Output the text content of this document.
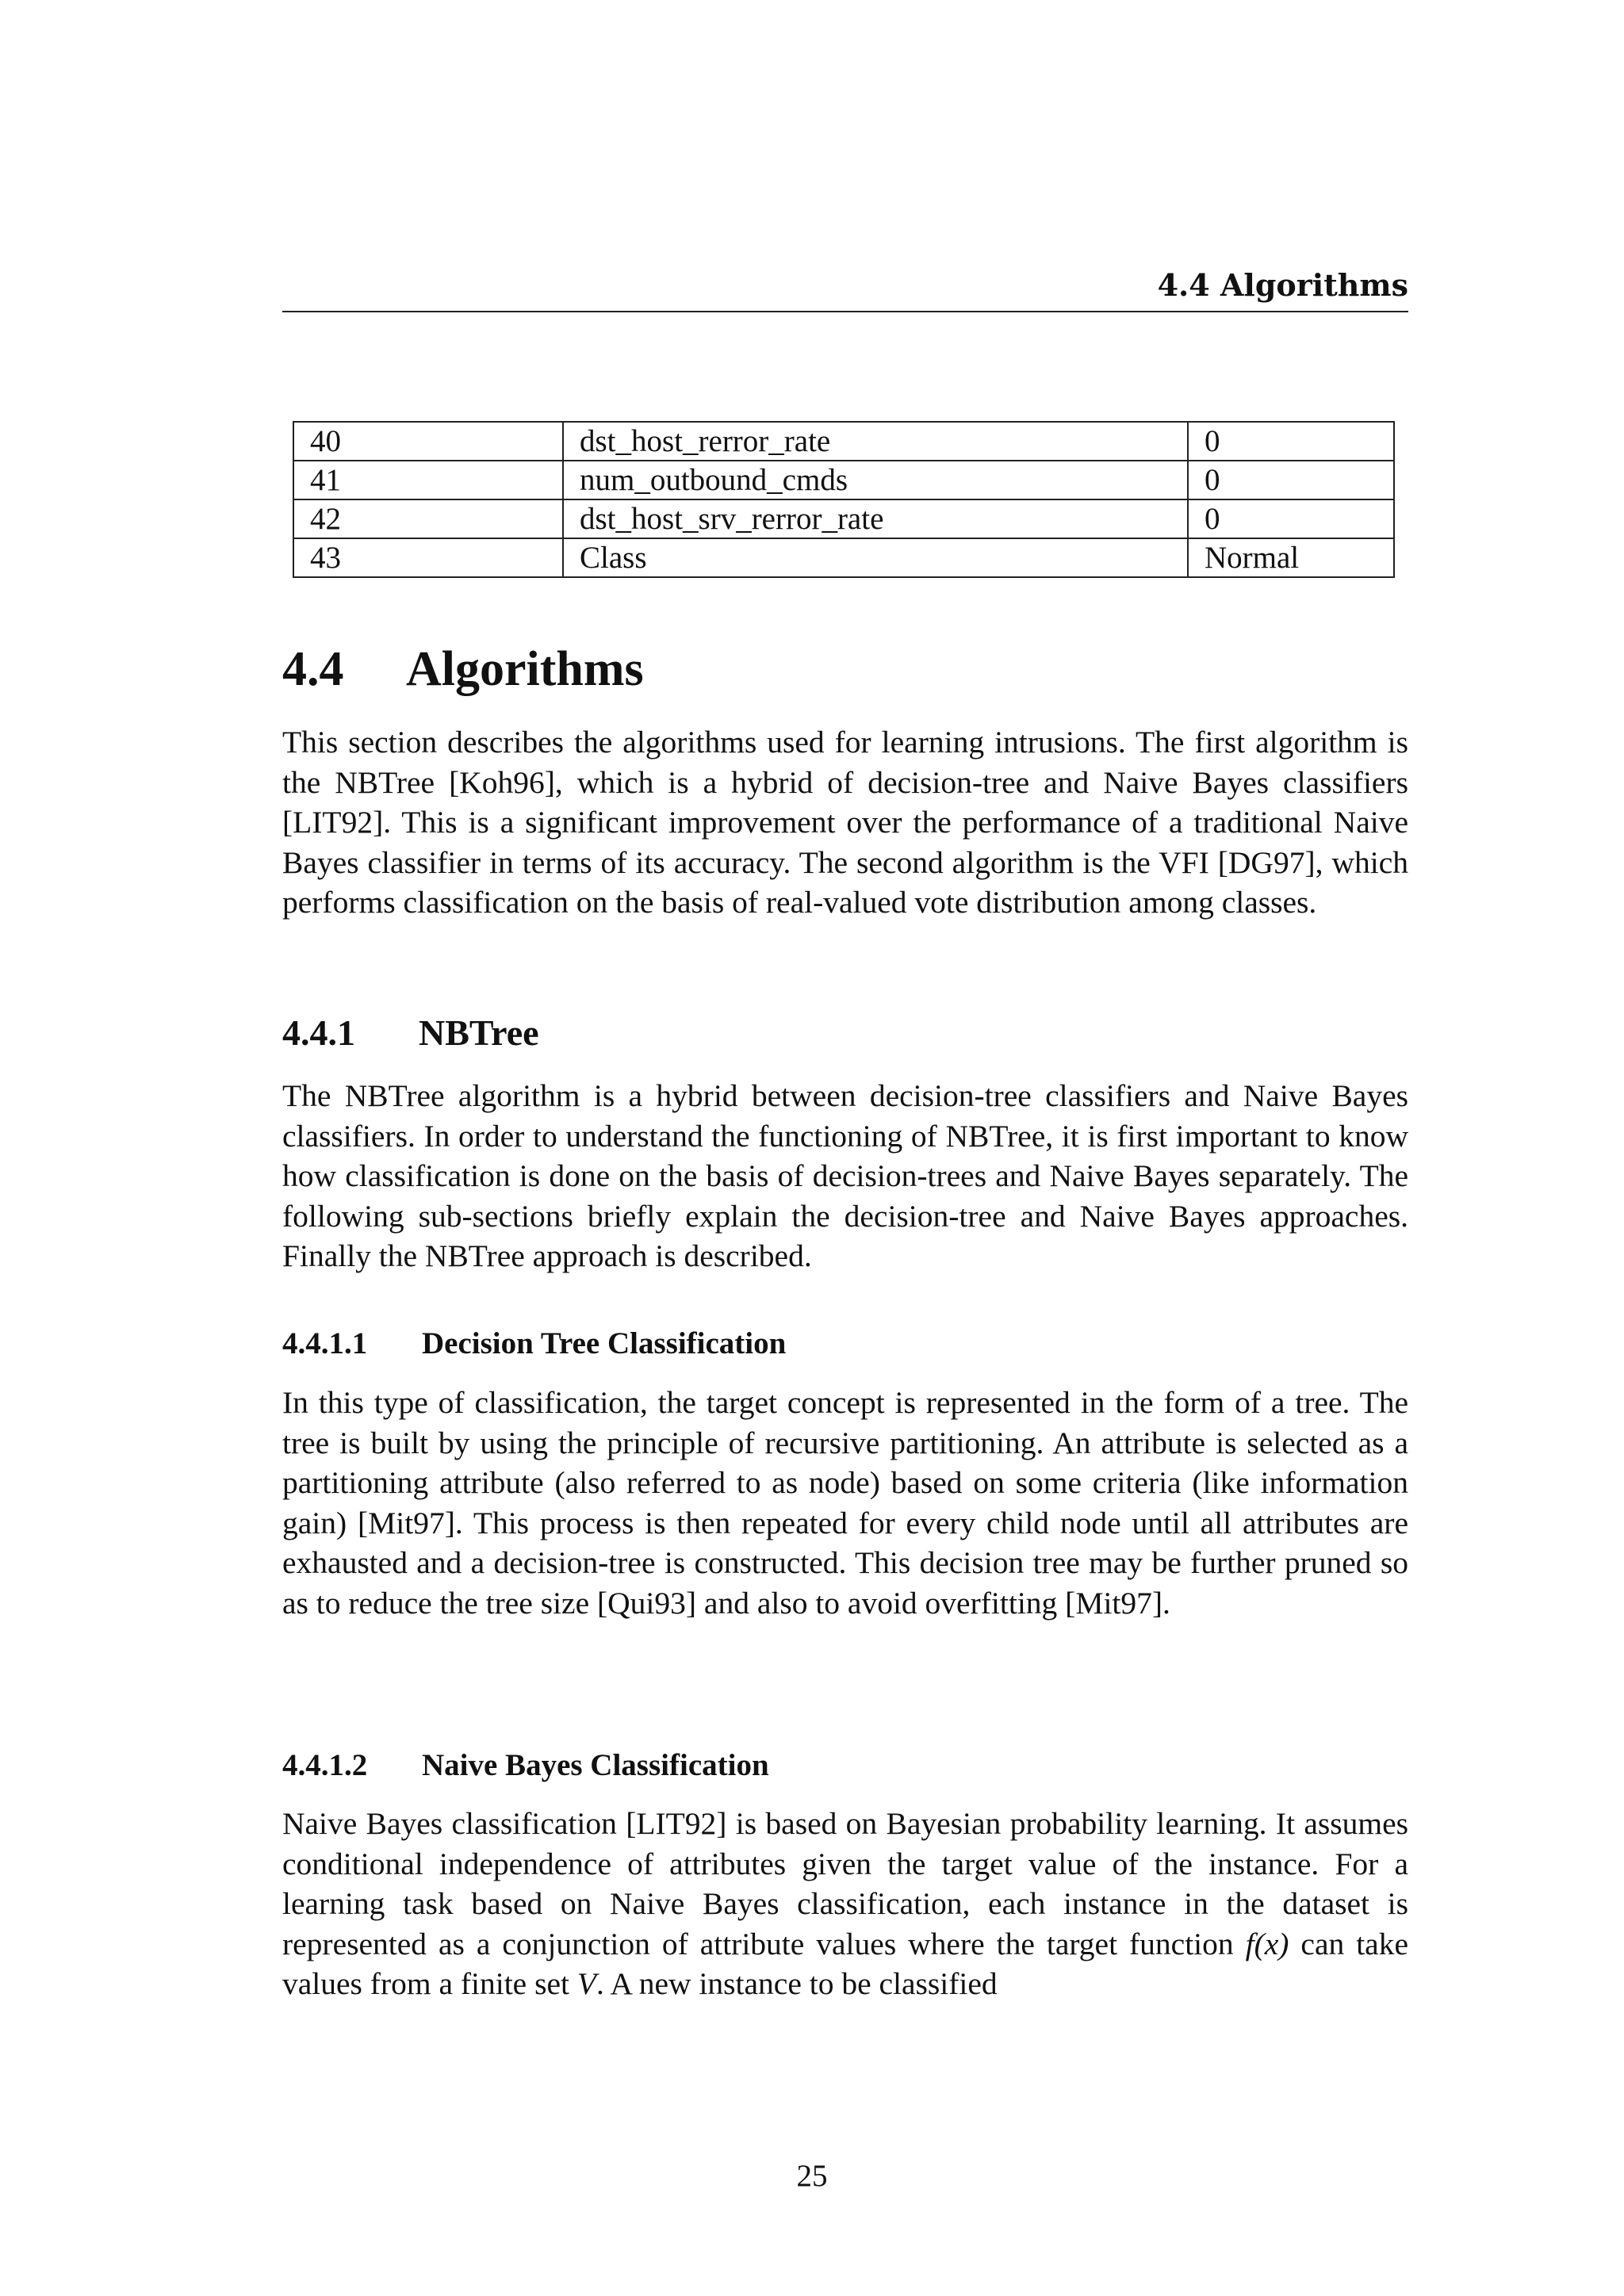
4.4 Algorithms
40	dst_host_rerror_rate	0
41	num_outbound_cmds	0
42	dst_host_srv_rerror_rate	0
43	Class	Normal
4.4 Algorithms

This section describes the algorithms used for learning intrusions. The first algorithm is the NBTree [Koh96], which is a hybrid of decision-tree and Naive Bayes classifiers [LIT92]. This is a significant improvement over the performance of a traditional Naive Bayes classifier in terms of its accuracy. The second algorithm is the VFI [DG97], which performs classification on the basis of real-valued vote distribution among classes.

4.4.1 NBTree

The NBTree algorithm is a hybrid between decision-tree classifiers and Naive Bayes classifiers. In order to understand the functioning of NBTree, it is first important to know how classification is done on the basis of decision-trees and Naive Bayes separately. The following sub-sections briefly explain the decision-tree and Naive Bayes approaches. Finally the NBTree approach is described.

4.4.1.1 Decision Tree Classification

In this type of classification, the target concept is represented in the form of a tree. The tree is built by using the principle of recursive partitioning. An attribute is selected as a partitioning attribute (also referred to as node) based on some criteria (like information gain) [Mit97]. This process is then repeated for every child node until all attributes are exhausted and a decision-tree is constructed. This decision tree may be further pruned so as to reduce the tree size [Qui93] and also to avoid overfitting [Mit97].

4.4.1.2 Naive Bayes Classification

Naive Bayes classification [LIT92] is based on Bayesian probability learning. It assumes conditional independence of attributes given the target value of the instance. For a learning task based on Naive Bayes classification, each instance in the dataset is represented as a conjunction of attribute values where the target function f(x) can take values from a finite set V. A new instance to be classified

25
